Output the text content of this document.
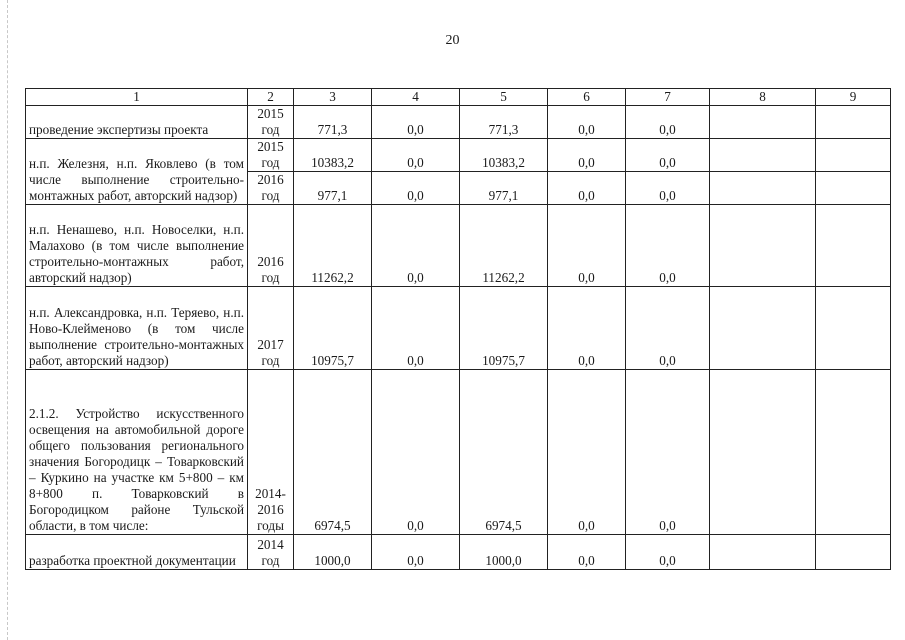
20
1	2	3	4	5	6	7	8	9
проведение экспертизы проекта	2015 год	771,3	0,0	771,3	0,0	0,0		
н.п. Железня, н.п. Яковлево (в том числе выполнение строительно-монтажных работ, авторский надзор)	2015 год	10383,2	0,0	10383,2	0,0	0,0		
	2016 год	977,1	0,0	977,1	0,0	0,0		
н.п. Ненашево, н.п. Новоселки, н.п. Малахово (в том числе выполнение строительно-монтажных работ, авторский надзор)	2016 год	11262,2	0,0	11262,2	0,0	0,0		
н.п. Александровка, н.п. Теряево, н.п. Ново-Клейменово (в том числе выполнение строительно-монтажных работ, авторский надзор)	2017 год	10975,7	0,0	10975,7	0,0	0,0		
2.1.2. Устройство искусственного освещения на автомобильной дороге общего пользования регионального значения Богородицк – Товарковский – Куркино на участке км 5+800 – км 8+800 п. Товарковский в Богородицком районе Тульской области, в том числе:	2014-2016 годы	6974,5	0,0	6974,5	0,0	0,0		
разработка проектной документации	2014 год	1000,0	0,0	1000,0	0,0	0,0		
